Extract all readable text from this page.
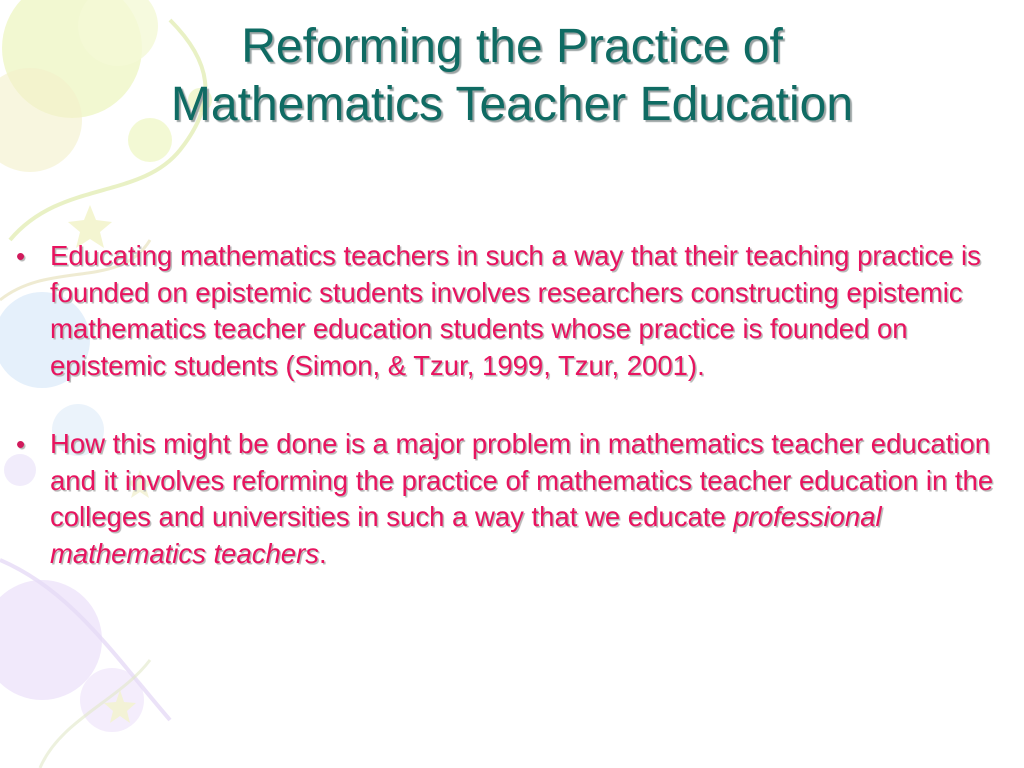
Reforming the Practice of
Mathematics Teacher Education
• Educating mathematics teachers in such a way that their teaching practice is founded on epistemic students involves researchers constructing epistemic mathematics teacher education students whose practice is founded on epistemic students (Simon, & Tzur, 1999, Tzur, 2001).
• How this might be done is a major problem in mathematics teacher education and it involves reforming the practice of mathematics teacher education in the colleges and universities in such a way that we educate professional mathematics teachers.
